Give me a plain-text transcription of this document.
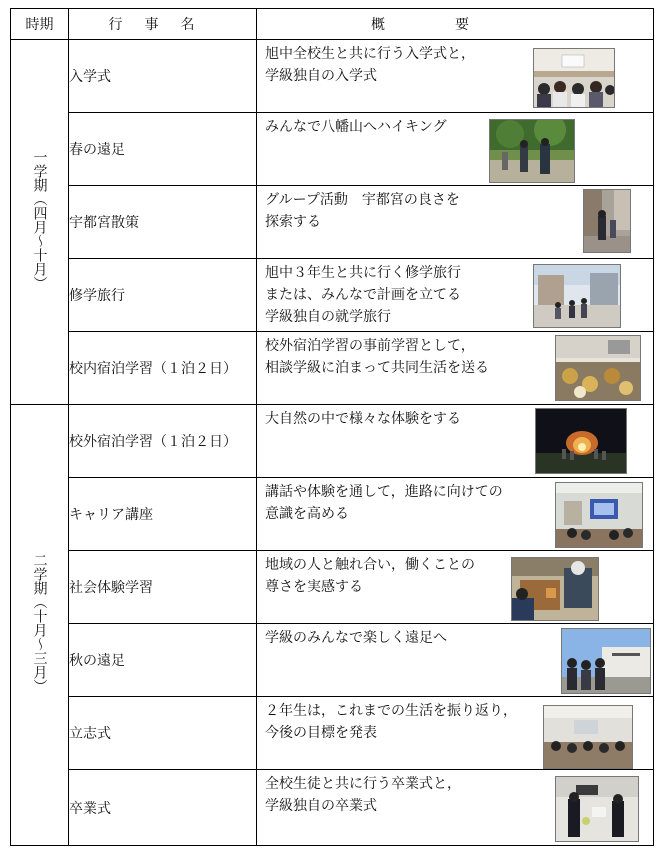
時期	行事名	概要
一学期（四月〜十月）	入学式	旭中全校生と共に行う入学式と，
学級独自の入学式

	春の遠足	みんなで八幡山へハイキング

	宇都宮散策	グループ活動　宇都宮の良さを
探索する

	修学旅行	旭中３年生と共に行く修学旅行
または、みんなで計画を立てる
学級独自の就学旅行

	校内宿泊学習（１泊２日）	校外宿泊学習の事前学習として，
相談学級に泊まって共同生活を送る

二学期（十月〜三月）	校外宿泊学習（１泊２日）	大自然の中で様々な体験をする

	キャリア講座	講話や体験を通して，進路に向けての
意識を高める

	社会体験学習	地域の人と触れ合い，働くことの
尊さを実感する

	秋の遠足	学級のみんなで楽しく遠足へ

	立志式	２年生は，これまでの生活を振り返り，
今後の目標を発表

	卒業式	全校生徒と共に行う卒業式と，
学級独自の卒業式
